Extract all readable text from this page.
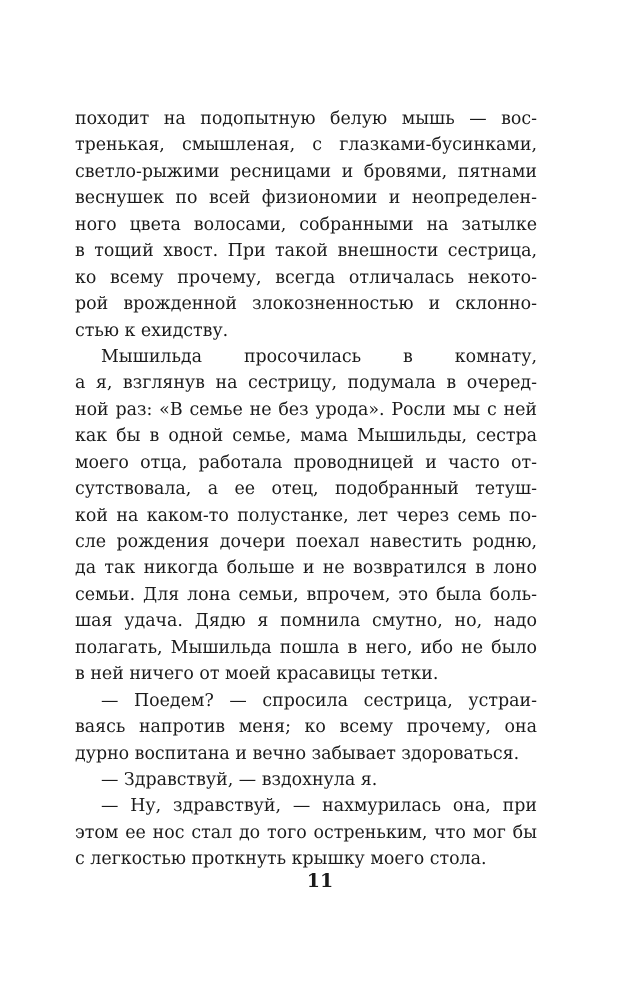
походит на подопытную белую мышь — вос-
тренькая, смышленая, с глазками-бусинками,
светло-рыжими ресницами и бровями, пятнами
веснушек по всей физиономии и неопределен-
ного цвета волосами, собранными на затылке
в тощий хвост. При такой внешности сестрица,
ко всему прочему, всегда отличалась некото-
рой врожденной злокозненностью и склонно-
стью к ехидству.
Мышильда просочилась в комнату,
а я, взглянув на сестрицу, подумала в очеред-
ной раз: «В семье не без урода». Росли мы с ней
как бы в одной семье, мама Мышильды, сестра
моего отца, работала проводницей и часто от-
сутствовала, а ее отец, подобранный тетуш-
кой на каком-то полустанке, лет через семь по-
сле рождения дочери поехал навестить родню,
да так никогда больше и не возвратился в лоно
семьи. Для лона семьи, впрочем, это была боль-
шая удача. Дядю я помнила смутно, но, надо
полагать, Мышильда пошла в него, ибо не было
в ней ничего от моей красавицы тетки.
— Поедем? — спросила сестрица, устраи-
ваясь напротив меня; ко всему прочему, она
дурно воспитана и вечно забывает здороваться.
— Здравствуй, — вздохнула я.
— Ну, здравствуй, — нахмурилась она, при
этом ее нос стал до того остреньким, что мог бы
с легкостью проткнуть крышку моего стола.
11
